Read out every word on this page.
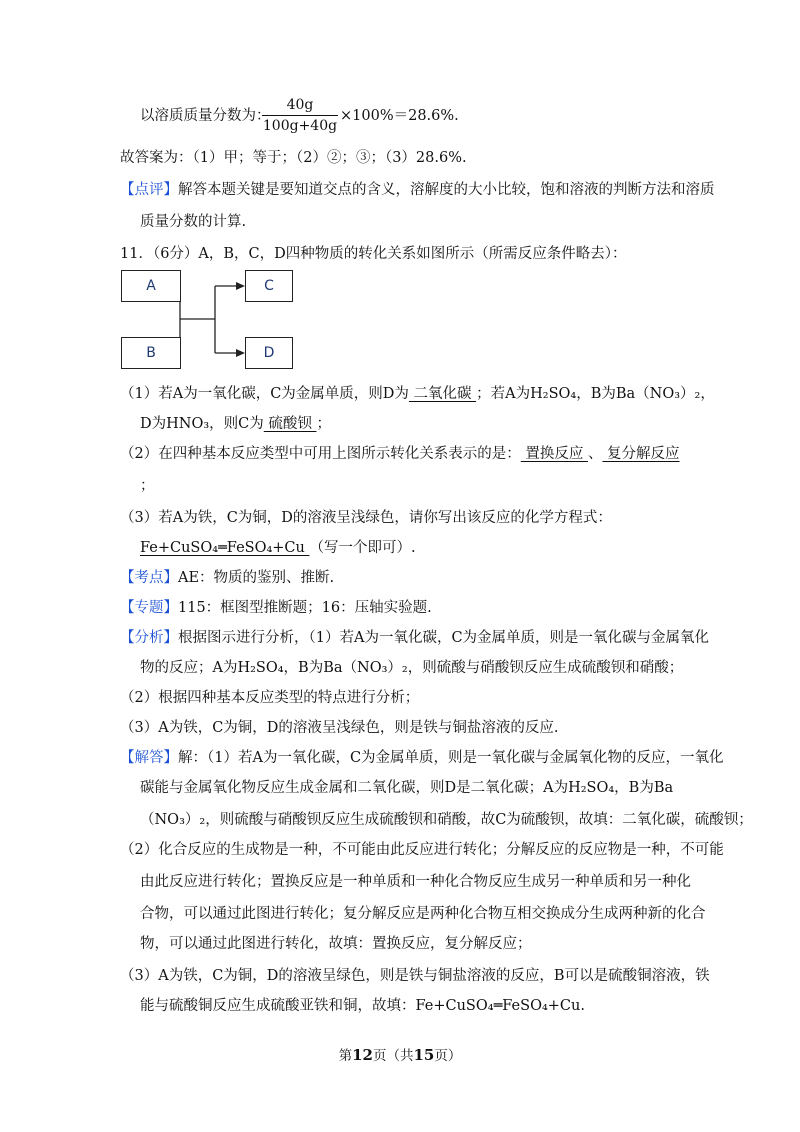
以溶质质量分数为：
40g
100g+40g
×100%＝28.6%.
故答案为：（1）甲；等于；（2）②；③；（3）28.6%.
【点评】解答本题关键是要知道交点的含义，溶解度的大小比较，饱和溶液的判断方法和溶质
质量分数的计算.
11．（6分）A，B，C，D四种物质的转化关系如图所示（所需反应条件略去）：
A
B
C
D
（1）若A为一氧化碳，C为金属单质，则D为 二氧化碳 ；若A为H₂SO₄，B为Ba（NO₃）₂，
D为HNO₃，则C为 硫酸钡 ；
（2）在四种基本反应类型中可用上图所示转化关系表示的是： 置换反应 、 复分解反应
；
（3）若A为铁，C为铜，D的溶液呈浅绿色，请你写出该反应的化学方程式：
Fe+CuSO₄═FeSO₄+Cu （写一个即可）.
【考点】AE：物质的鉴别、推断.
【专题】115：框图型推断题；16：压轴实验题.
【分析】根据图示进行分析，（1）若A为一氧化碳，C为金属单质，则是一氧化碳与金属氧化
物的反应；A为H₂SO₄，B为Ba（NO₃）₂，则硫酸与硝酸钡反应生成硫酸钡和硝酸；
（2）根据四种基本反应类型的特点进行分析；
（3）A为铁，C为铜，D的溶液呈浅绿色，则是铁与铜盐溶液的反应.
【解答】解：（1）若A为一氧化碳，C为金属单质，则是一氧化碳与金属氧化物的反应，一氧化
碳能与金属氧化物反应生成金属和二氧化碳，则D是二氧化碳；A为H₂SO₄，B为Ba
（NO₃）₂，则硫酸与硝酸钡反应生成硫酸钡和硝酸，故C为硫酸钡，故填：二氧化碳，硫酸钡；
（2）化合反应的生成物是一种，不可能由此反应进行转化；分解反应的反应物是一种，不可能
由此反应进行转化；置换反应是一种单质和一种化合物反应生成另一种单质和另一种化
合物，可以通过此图进行转化；复分解反应是两种化合物互相交换成分生成两种新的化合
物，可以通过此图进行转化，故填：置换反应，复分解反应；
（3）A为铁，C为铜，D的溶液呈绿色，则是铁与铜盐溶液的反应，B可以是硫酸铜溶液，铁
能与硫酸铜反应生成硫酸亚铁和铜，故填：Fe+CuSO₄═FeSO₄+Cu.
第12页（共15页）
